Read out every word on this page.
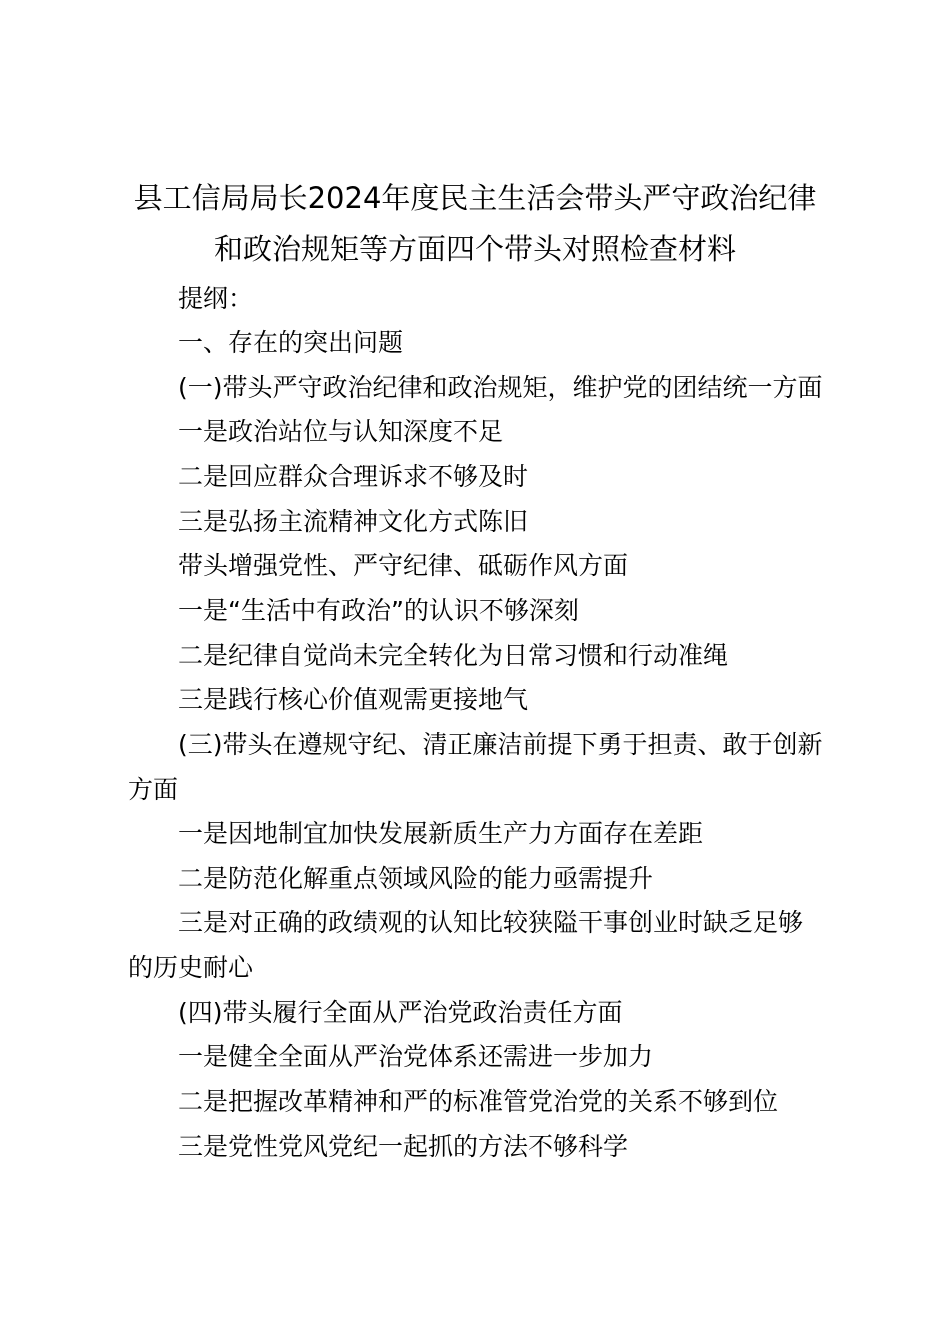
县工信局局长2024年度民主生活会带头严守政治纪律
和政治规矩等方面四个带头对照检查材料
提纲：
一、存在的突出问题
(一)带头严守政治纪律和政治规矩，维护党的团结统一方面
一是政治站位与认知深度不足
二是回应群众合理诉求不够及时
三是弘扬主流精神文化方式陈旧
带头增强党性、严守纪律、砥砺作风方面
一是“生活中有政治”的认识不够深刻
二是纪律自觉尚未完全转化为日常习惯和行动准绳
三是践行核心价值观需更接地气
(三)带头在遵规守纪、清正廉洁前提下勇于担责、敢于创新
方面
一是因地制宜加快发展新质生产力方面存在差距
二是防范化解重点领域风险的能力亟需提升
三是对正确的政绩观的认知比较狭隘干事创业时缺乏足够
的历史耐心
(四)带头履行全面从严治党政治责任方面
一是健全全面从严治党体系还需进一步加力
二是把握改革精神和严的标准管党治党的关系不够到位
三是党性党风党纪一起抓的方法不够科学
